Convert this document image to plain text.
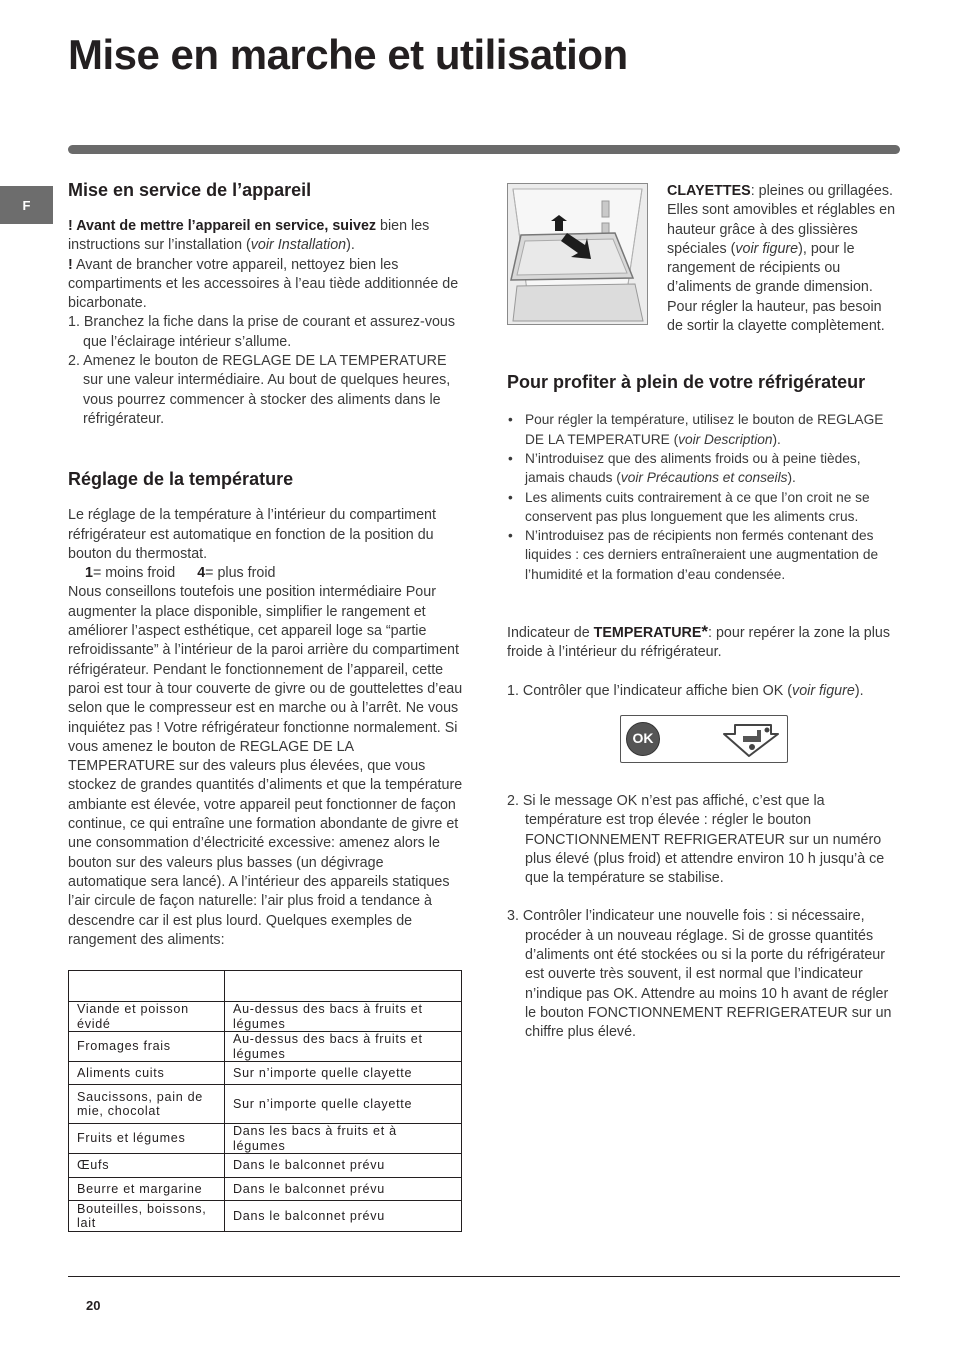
Mise en marche et utilisation
F
Mise en service de l’appareil

! Avant de mettre l’appareil en service, suivez bien les instructions sur l’installation (voir Installation).

! Avant de brancher votre appareil, nettoyez bien les compartiments et les accessoires à l’eau tiède additionnée de bicarbonate.

1. Branchez la fiche dans la prise de courant et assurez-vous que l’éclairage intérieur s’allume.
2. Amenez le bouton de REGLAGE DE LA TEMPERATURE sur une valeur intermédiaire. Au bout de quelques heures, vous pourrez commencer à stocker des aliments dans le réfrigérateur.
Réglage de la température

Le réglage de la température à l’intérieur du compartiment réfrigérateur est automatique en fonction de la position du bouton du thermostat.

1= moins froid 4= plus froid

Nous conseillons toutefois une position intermédiaire Pour augmenter la place disponible, simplifier le rangement et améliorer l’aspect esthétique, cet appareil loge sa “partie refroidissante” à l’intérieur de la paroi arrière du compartiment réfrigérateur. Pendant le fonctionnement de l’appareil, cette paroi est tour à tour couverte de givre ou de gouttelettes d’eau selon que le compresseur est en marche ou à l’arrêt. Ne vous inquiétez pas ! Votre réfrigérateur fonctionne normalement. Si vous amenez le bouton de REGLAGE DE LA TEMPERATURE sur des valeurs plus élevées, que vous stockez de grandes quantités d’aliments et que la température ambiante est élevée, votre appareil peut fonctionner de façon continue, ce qui entraîne une formation abondante de givre et une consommation d’électricité excessive: amenez alors le bouton sur des valeurs plus basses (un dégivrage automatique sera lancé). A l’intérieur des appareils statiques l’air circule de façon naturelle: l’air plus froid a tendance à descendre car il est plus lourd. Quelques exemples de rangement des aliments:

Viande et poisson évidé	Au-dessus des bacs à fruits et légumes
Fromages frais	Au-dessus des bacs à fruits et légumes
Aliments cuits	Sur n’importe quelle clayette
Saucissons, pain de mie, chocolat	Sur n’importe quelle clayette
Fruits et légumes	Dans les bacs à fruits et à légumes
Œufs	Dans le balconnet prévu
Beurre et margarine	Dans le balconnet prévu
Bouteilles, boissons, lait	Dans le balconnet prévu

CLAYETTES: pleines ou grillagées. Elles sont amovibles et réglables en hauteur grâce à des glissières spéciales (voir figure), pour le rangement de récipients ou d’aliments de grande dimension. Pour régler la hauteur, pas besoin de sortir la clayette complètement.

Pour profiter à plein de votre réfrigérateur
• Pour régler la température, utilisez le bouton de REGLAGE DE LA TEMPERATURE (voir Description).
• N’introduisez que des aliments froids ou à peine tièdes, jamais chauds (voir Précautions et conseils).
• Les aliments cuits contrairement à ce que l’on croit ne se conservent pas plus longuement que les aliments crus.
• N’introduisez pas de récipients non fermés contenant des liquides : ces derniers entraîneraient une augmentation de l’humidité et la formation d’eau condensée.

Indicateur de TEMPERATURE*: pour repérer la zone la plus froide à l’intérieur du réfrigérateur.

1. Contrôler que l’indicateur affiche bien OK (voir figure).

OK

2. Si le message OK n’est pas affiché, c’est que la température est trop élevée : régler le bouton FONCTIONNEMENT REFRIGERATEUR sur un numéro plus élevé (plus froid) et attendre environ 10 h jusqu’à ce que la température se stabilise.

3. Contrôler l’indicateur une nouvelle fois : si nécessaire, procéder à un nouveau réglage. Si de grosse quantités d’aliments ont été stockées ou si la porte du réfrigérateur est ouverte très souvent, il est normal que l’indicateur n’indique pas OK. Attendre au moins 10 h avant de régler le bouton FONCTIONNEMENT REFRIGERATEUR sur un chiffre plus élevé.

20
